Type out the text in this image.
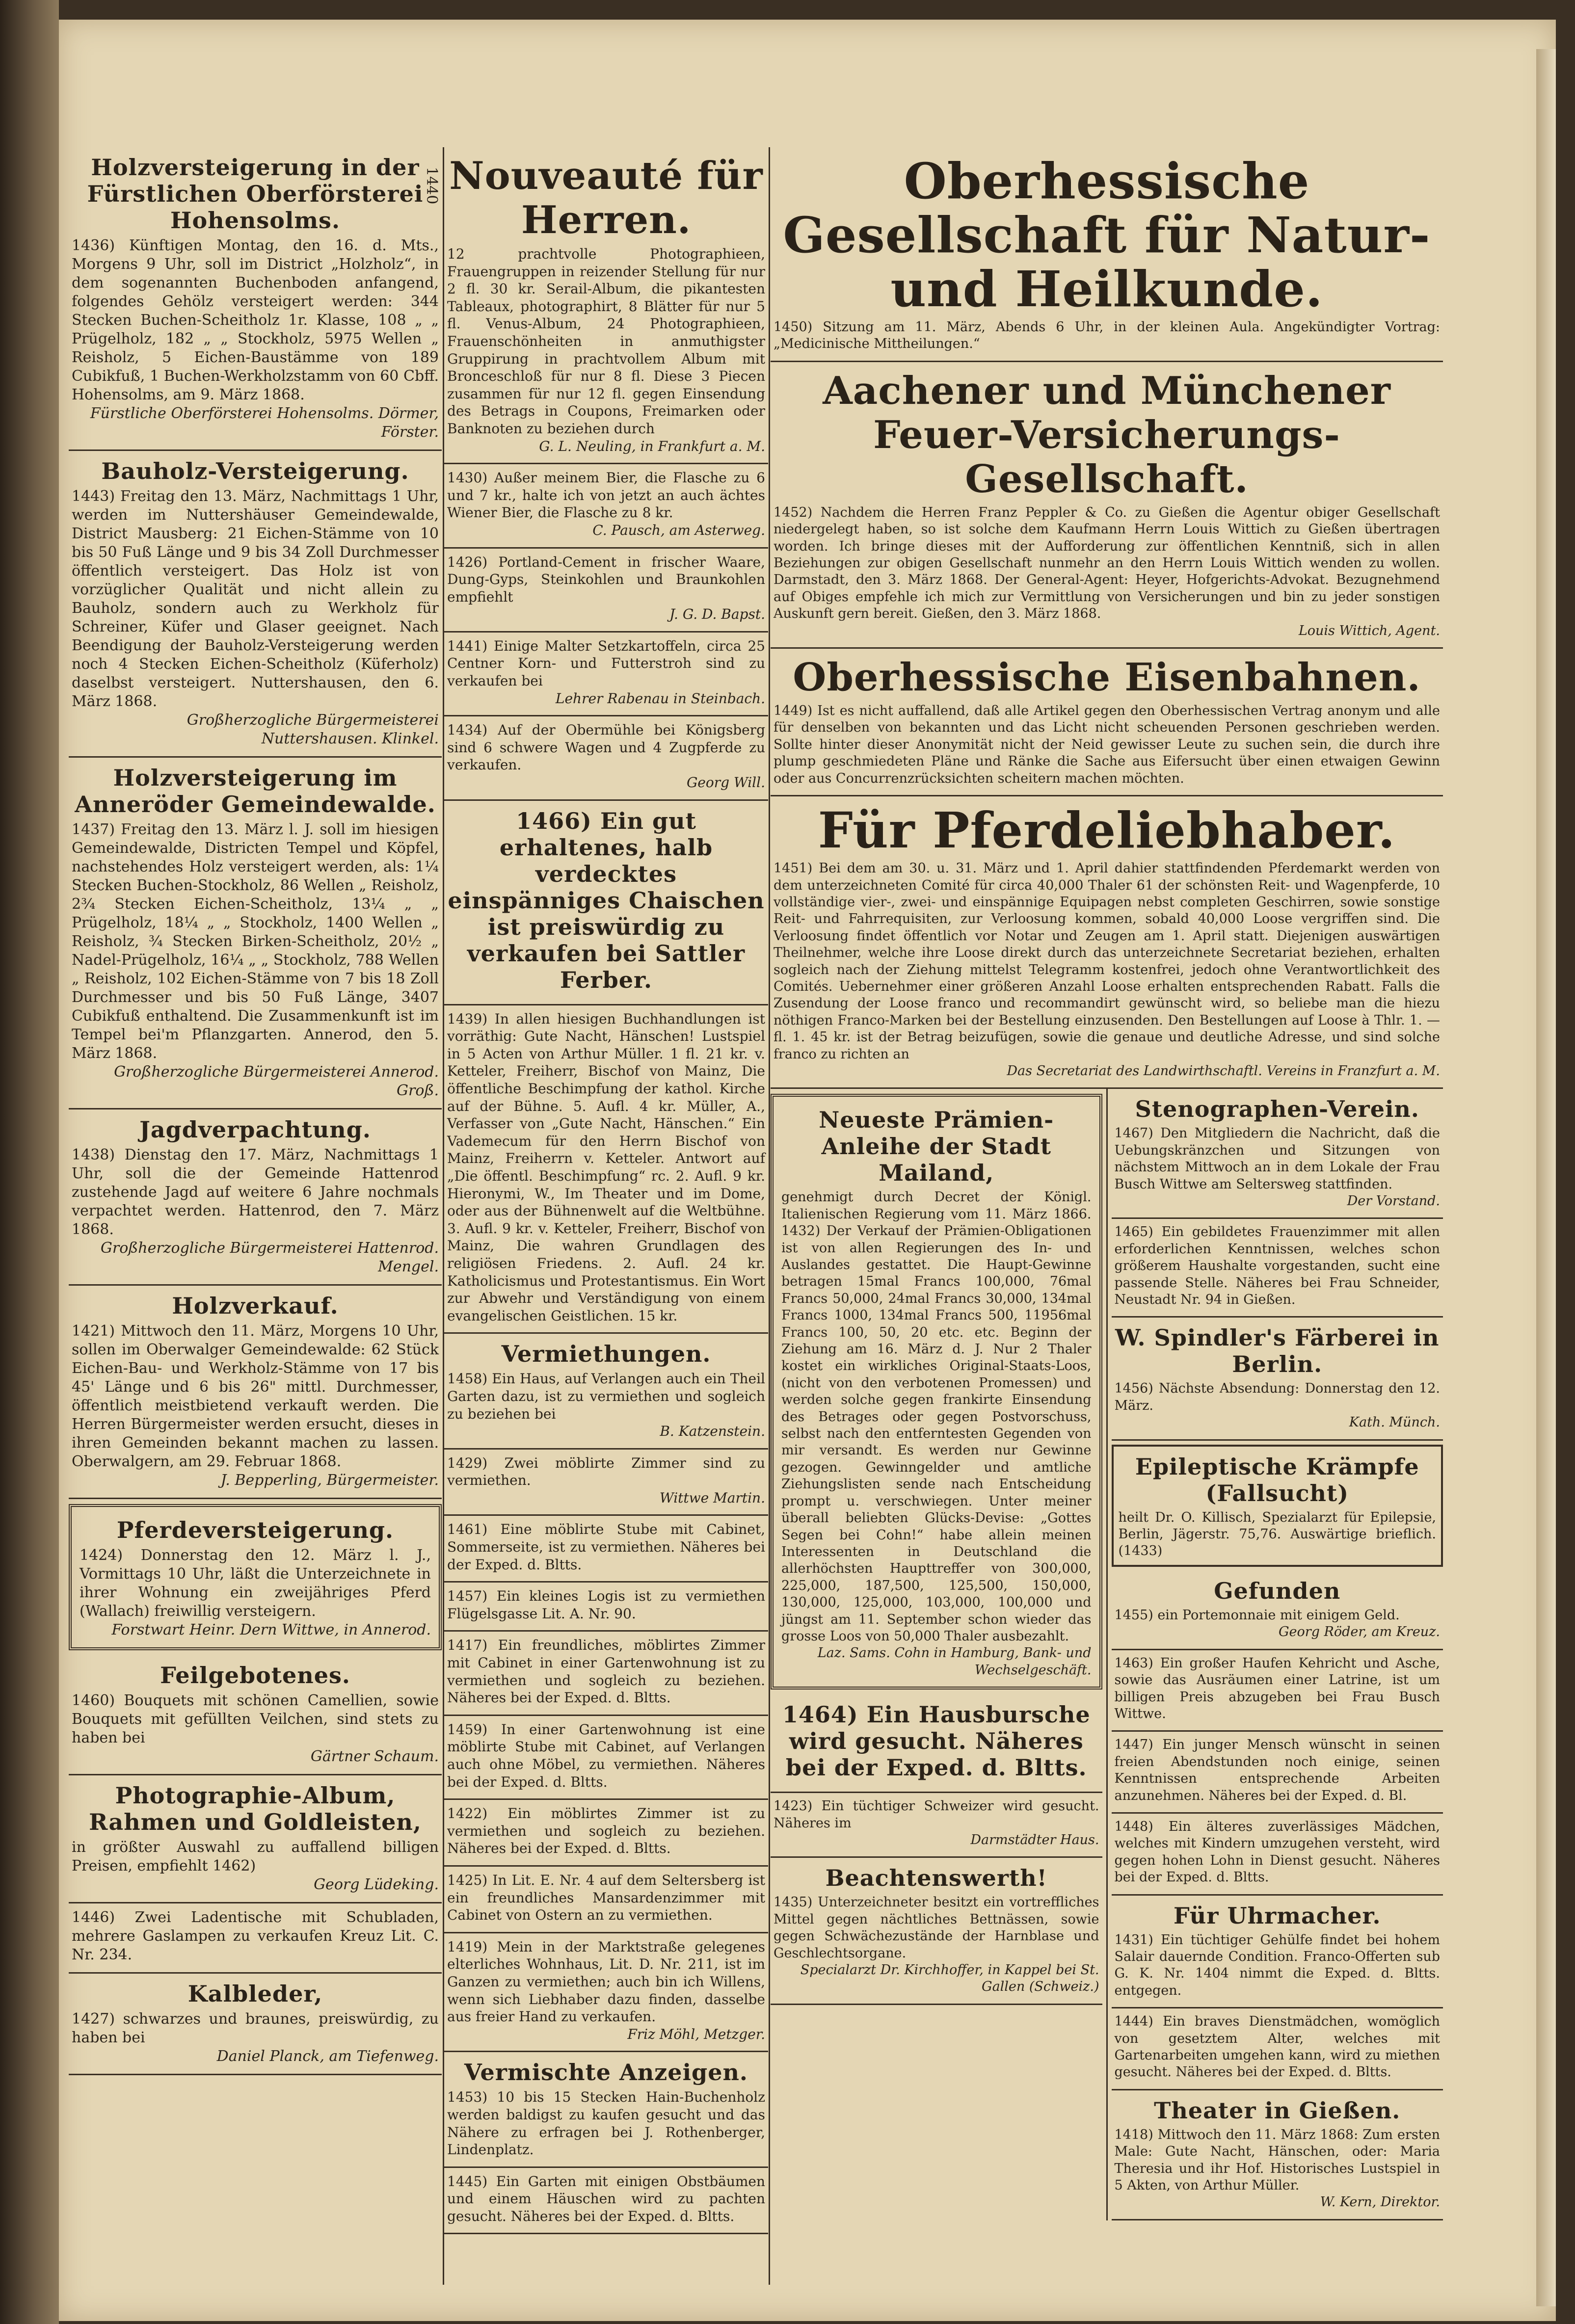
1440
Holzversteigerung in der Fürstlichen Oberförsterei Hohensolms.

1436) Künftigen Montag, den 16. d. Mts., Morgens 9 Uhr, soll im District „Holzholz“, in dem sogenannten Buchenboden anfangend, folgendes Gehölz versteigert werden: 344 Stecken Buchen-Scheitholz 1r. Klasse, 108 „ „ Prügelholz, 182 „ „ Stockholz, 5975 Wellen „ Reisholz, 5 Eichen-Baustämme von 189 Cubikfuß, 1 Buchen-Werkholzstamm von 60 Cbff. Hohensolms, am 9. März 1868.

Fürstliche Oberförsterei Hohensolms. Dörmer, Förster.

Bauholz-Versteigerung.

1443) Freitag den 13. März, Nachmittags 1 Uhr, werden im Nuttershäuser Gemeindewalde, District Mausberg: 21 Eichen-Stämme von 10 bis 50 Fuß Länge und 9 bis 34 Zoll Durchmesser öffentlich versteigert. Das Holz ist von vorzüglicher Qualität und nicht allein zu Bauholz, sondern auch zu Werkholz für Schreiner, Küfer und Glaser geeignet. Nach Beendigung der Bauholz-Versteigerung werden noch 4 Stecken Eichen-Scheitholz (Küferholz) daselbst versteigert. Nuttershausen, den 6. März 1868.

Großherzogliche Bürgermeisterei Nuttershausen. Klinkel.

Holzversteigerung im Anneröder Gemeindewalde.

1437) Freitag den 13. März l. J. soll im hiesigen Gemeindewalde, Districten Tempel und Köpfel, nachstehendes Holz versteigert werden, als: 1¼ Stecken Buchen-Stockholz, 86 Wellen „ Reisholz, 2¾ Stecken Eichen-Scheitholz, 13¼ „ „ Prügelholz, 18¼ „ „ Stockholz, 1400 Wellen „ Reisholz, ¾ Stecken Birken-Scheitholz, 20½ „ Nadel-Prügelholz, 16¼ „ „ Stockholz, 788 Wellen „ Reisholz, 102 Eichen-Stämme von 7 bis 18 Zoll Durchmesser und bis 50 Fuß Länge, 3407 Cubikfuß enthaltend. Die Zusammenkunft ist im Tempel bei'm Pflanzgarten. Annerod, den 5. März 1868.

Großherzogliche Bürgermeisterei Annerod. Groß.

Jagdverpachtung.

1438) Dienstag den 17. März, Nachmittags 1 Uhr, soll die der Gemeinde Hattenrod zustehende Jagd auf weitere 6 Jahre nochmals verpachtet werden. Hattenrod, den 7. März 1868.

Großherzogliche Bürgermeisterei Hattenrod. Mengel.

Holzverkauf.

1421) Mittwoch den 11. März, Morgens 10 Uhr, sollen im Oberwalger Gemeindewalde: 62 Stück Eichen-Bau- und Werkholz-Stämme von 17 bis 45' Länge und 6 bis 26" mittl. Durchmesser, öffentlich meistbietend verkauft werden. Die Herren Bürgermeister werden ersucht, dieses in ihren Gemeinden bekannt machen zu lassen. Oberwalgern, am 29. Februar 1868.

J. Bepperling, Bürgermeister.

Pferdeversteigerung.

1424) Donnerstag den 12. März l. J., Vormittags 10 Uhr, läßt die Unterzeichnete in ihrer Wohnung ein zweijähriges Pferd (Wallach) freiwillig versteigern.

Forstwart Heinr. Dern Wittwe, in Annerod.

Feilgebotenes.

1460) Bouquets mit schönen Camellien, sowie Bouquets mit gefüllten Veilchen, sind stets zu haben bei

Gärtner Schaum.

Photographie-Album, Rahmen und Goldleisten,

in größter Auswahl zu auffallend billigen Preisen, empfiehlt 1462)

Georg Lüdeking.

1446) Zwei Ladentische mit Schubladen, mehrere Gaslampen zu verkaufen Kreuz Lit. C. Nr. 234.

Kalbleder,

1427) schwarzes und braunes, preiswürdig, zu haben bei

Daniel Planck, am Tiefenweg.

Nouveauté für Herren.

12 prachtvolle Photographieen, Frauengruppen in reizender Stellung für nur 2 fl. 30 kr. Serail-Album, die pikantesten Tableaux, photographirt, 8 Blätter für nur 5 fl. Venus-Album, 24 Photographieen, Frauenschönheiten in anmuthigster Gruppirung in prachtvollem Album mit Bronceschloß für nur 8 fl. Diese 3 Piecen zusammen für nur 12 fl. gegen Einsendung des Betrags in Coupons, Freimarken oder Banknoten zu beziehen durch

G. L. Neuling, in Frankfurt a. M.

1430) Außer meinem Bier, die Flasche zu 6 und 7 kr., halte ich von jetzt an auch ächtes Wiener Bier, die Flasche zu 8 kr.

C. Pausch, am Asterweg.

1426) Portland-Cement in frischer Waare, Dung-Gyps, Steinkohlen und Braunkohlen empfiehlt

J. G. D. Bapst.

1441) Einige Malter Setzkartoffeln, circa 25 Centner Korn- und Futterstroh sind zu verkaufen bei

Lehrer Rabenau in Steinbach.

1434) Auf der Obermühle bei Königsberg sind 6 schwere Wagen und 4 Zugpferde zu verkaufen.

Georg Will.

1466) Ein gut erhaltenes, halb verdecktes einspänniges Chaischen ist preiswürdig zu verkaufen bei Sattler Ferber.

1439) In allen hiesigen Buchhandlungen ist vorräthig: Gute Nacht, Hänschen! Lustspiel in 5 Acten von Arthur Müller. 1 fl. 21 kr. v. Ketteler, Freiherr, Bischof von Mainz, Die öffentliche Beschimpfung der kathol. Kirche auf der Bühne. 5. Aufl. 4 kr. Müller, A., Verfasser von „Gute Nacht, Hänschen.“ Ein Vademecum für den Herrn Bischof von Mainz, Freiherrn v. Ketteler. Antwort auf „Die öffentl. Beschimpfung“ rc. 2. Aufl. 9 kr. Hieronymi, W., Im Theater und im Dome, oder aus der Bühnenwelt auf die Weltbühne. 3. Aufl. 9 kr. v. Ketteler, Freiherr, Bischof von Mainz, Die wahren Grundlagen des religiösen Friedens. 2. Aufl. 24 kr. Katholicismus und Protestantismus. Ein Wort zur Abwehr und Verständigung von einem evangelischen Geistlichen. 15 kr.

Vermiethungen.

1458) Ein Haus, auf Verlangen auch ein Theil Garten dazu, ist zu vermiethen und sogleich zu beziehen bei

B. Katzenstein.

1429) Zwei möblirte Zimmer sind zu vermiethen.

Wittwe Martin.

1461) Eine möblirte Stube mit Cabinet, Sommerseite, ist zu vermiethen. Näheres bei der Exped. d. Bltts.

1457) Ein kleines Logis ist zu vermiethen Flügelsgasse Lit. A. Nr. 90.

1417) Ein freundliches, möblirtes Zimmer mit Cabinet in einer Gartenwohnung ist zu vermiethen und sogleich zu beziehen. Näheres bei der Exped. d. Bltts.

1459) In einer Gartenwohnung ist eine möblirte Stube mit Cabinet, auf Verlangen auch ohne Möbel, zu vermiethen. Näheres bei der Exped. d. Bltts.

1422) Ein möblirtes Zimmer ist zu vermiethen und sogleich zu beziehen. Näheres bei der Exped. d. Bltts.

1425) In Lit. E. Nr. 4 auf dem Seltersberg ist ein freundliches Mansardenzimmer mit Cabinet von Ostern an zu vermiethen.

1419) Mein in der Marktstraße gelegenes elterliches Wohnhaus, Lit. D. Nr. 211, ist im Ganzen zu vermiethen; auch bin ich Willens, wenn sich Liebhaber dazu finden, dasselbe aus freier Hand zu verkaufen.

Friz Möhl, Metzger.

Vermischte Anzeigen.

1453) 10 bis 15 Stecken Hain-Buchenholz werden baldigst zu kaufen gesucht und das Nähere zu erfragen bei J. Rothenberger, Lindenplatz.

1445) Ein Garten mit einigen Obstbäumen und einem Häuschen wird zu pachten gesucht. Näheres bei der Exped. d. Bltts.

Oberhessische Gesellschaft für Natur- und Heilkunde.

1450) Sitzung am 11. März, Abends 6 Uhr, in der kleinen Aula. Angekündigter Vortrag: „Medicinische Mittheilungen.“

Aachener und Münchener Feuer-Versicherungs-Gesellschaft.

1452) Nachdem die Herren Franz Peppler & Co. zu Gießen die Agentur obiger Gesellschaft niedergelegt haben, so ist solche dem Kaufmann Herrn Louis Wittich zu Gießen übertragen worden. Ich bringe dieses mit der Aufforderung zur öffentlichen Kenntniß, sich in allen Beziehungen zur obigen Gesellschaft nunmehr an den Herrn Louis Wittich wenden zu wollen. Darmstadt, den 3. März 1868. Der General-Agent: Heyer, Hofgerichts-Advokat. Bezugnehmend auf Obiges empfehle ich mich zur Vermittlung von Versicherungen und bin zu jeder sonstigen Auskunft gern bereit. Gießen, den 3. März 1868.

Louis Wittich, Agent.

Oberhessische Eisenbahnen.

1449) Ist es nicht auffallend, daß alle Artikel gegen den Oberhessischen Vertrag anonym und alle für denselben von bekannten und das Licht nicht scheuenden Personen geschrieben werden. Sollte hinter dieser Anonymität nicht der Neid gewisser Leute zu suchen sein, die durch ihre plump geschmiedeten Pläne und Ränke die Sache aus Eifersucht über einen etwaigen Gewinn oder aus Concurrenzrücksichten scheitern machen möchten.

Für Pferdeliebhaber.

1451) Bei dem am 30. u. 31. März und 1. April dahier stattfindenden Pferdemarkt werden von dem unterzeichneten Comité für circa 40,000 Thaler 61 der schönsten Reit- und Wagenpferde, 10 vollständige vier-, zwei- und einspännige Equipagen nebst completen Geschirren, sowie sonstige Reit- und Fahrrequisiten, zur Verloosung kommen, sobald 40,000 Loose vergriffen sind. Die Verloosung findet öffentlich vor Notar und Zeugen am 1. April statt. Diejenigen auswärtigen Theilnehmer, welche ihre Loose direkt durch das unterzeichnete Secretariat beziehen, erhalten sogleich nach der Ziehung mittelst Telegramm kostenfrei, jedoch ohne Verantwortlichkeit des Comités. Uebernehmer einer größeren Anzahl Loose erhalten entsprechenden Rabatt. Falls die Zusendung der Loose franco und recommandirt gewünscht wird, so beliebe man die hiezu nöthigen Franco-Marken bei der Bestellung einzusenden. Den Bestellungen auf Loose à Thlr. 1. — fl. 1. 45 kr. ist der Betrag beizufügen, sowie die genaue und deutliche Adresse, und sind solche franco zu richten an

Das Secretariat des Landwirthschaftl. Vereins in Franzfurt a. M.

Neueste Prämien-Anleihe der Stadt Mailand,

genehmigt durch Decret der Königl. Italienischen Regierung vom 11. März 1866. 1432) Der Verkauf der Prämien-Obligationen ist von allen Regierungen des In- und Auslandes gestattet. Die Haupt-Gewinne betragen 15mal Francs 100,000, 76mal Francs 50,000, 24mal Francs 30,000, 134mal Francs 1000, 134mal Francs 500, 11956mal Francs 100, 50, 20 etc. etc. Beginn der Ziehung am 16. März d. J. Nur 2 Thaler kostet ein wirkliches Original-Staats-Loos, (nicht von den verbotenen Promessen) und werden solche gegen frankirte Einsendung des Betrages oder gegen Postvorschuss, selbst nach den entferntesten Gegenden von mir versandt. Es werden nur Gewinne gezogen. Gewinngelder und amtliche Ziehungslisten sende nach Entscheidung prompt u. verschwiegen. Unter meiner überall beliebten Glücks-Devise: „Gottes Segen bei Cohn!“ habe allein meinen Interessenten in Deutschland die allerhöchsten Haupttreffer von 300,000, 225,000, 187,500, 125,500, 150,000, 130,000, 125,000, 103,000, 100,000 und jüngst am 11. September schon wieder das grosse Loos von 50,000 Thaler ausbezahlt.

Laz. Sams. Cohn in Hamburg, Bank- und Wechselgeschäft.

1464) Ein Hausbursche wird gesucht. Näheres bei der Exped. d. Bltts.

1423) Ein tüchtiger Schweizer wird gesucht. Näheres im

Darmstädter Haus.

Beachtenswerth!

1435) Unterzeichneter besitzt ein vortreffliches Mittel gegen nächtliches Bettnässen, sowie gegen Schwächezustände der Harnblase und Geschlechtsorgane.

Specialarzt Dr. Kirchhoffer, in Kappel bei St. Gallen (Schweiz.)

Stenographen-Verein.

1467) Den Mitgliedern die Nachricht, daß die Uebungskränzchen und Sitzungen von nächstem Mittwoch an in dem Lokale der Frau Busch Wittwe am Seltersweg stattfinden.

Der Vorstand.

1465) Ein gebildetes Frauenzimmer mit allen erforderlichen Kenntnissen, welches schon größerem Haushalte vorgestanden, sucht eine passende Stelle. Näheres bei Frau Schneider, Neustadt Nr. 94 in Gießen.

W. Spindler's Färberei in Berlin.

1456) Nächste Absendung: Donnerstag den 12. März.

Kath. Münch.

Epileptische Krämpfe (Fallsucht)

heilt Dr. O. Killisch, Spezialarzt für Epilepsie, Berlin, Jägerstr. 75,76. Auswärtige brieflich. (1433)

Gefunden

1455) ein Portemonnaie mit einigem Geld.

Georg Röder, am Kreuz.

1463) Ein großer Haufen Kehricht und Asche, sowie das Ausräumen einer Latrine, ist um billigen Preis abzugeben bei Frau Busch Wittwe.

1447) Ein junger Mensch wünscht in seinen freien Abendstunden noch einige, seinen Kenntnissen entsprechende Arbeiten anzunehmen. Näheres bei der Exped. d. Bl.

1448) Ein älteres zuverlässiges Mädchen, welches mit Kindern umzugehen versteht, wird gegen hohen Lohn in Dienst gesucht. Näheres bei der Exped. d. Bltts.

Für Uhrmacher.

1431) Ein tüchtiger Gehülfe findet bei hohem Salair dauernde Condition. Franco-Offerten sub G. K. Nr. 1404 nimmt die Exped. d. Bltts. entgegen.

1444) Ein braves Dienstmädchen, womöglich von gesetztem Alter, welches mit Gartenarbeiten umgehen kann, wird zu miethen gesucht. Näheres bei der Exped. d. Bltts.

Theater in Gießen.

1418) Mittwoch den 11. März 1868: Zum ersten Male: Gute Nacht, Hänschen, oder: Maria Theresia und ihr Hof. Historisches Lustspiel in 5 Akten, von Arthur Müller.

W. Kern, Direktor.
